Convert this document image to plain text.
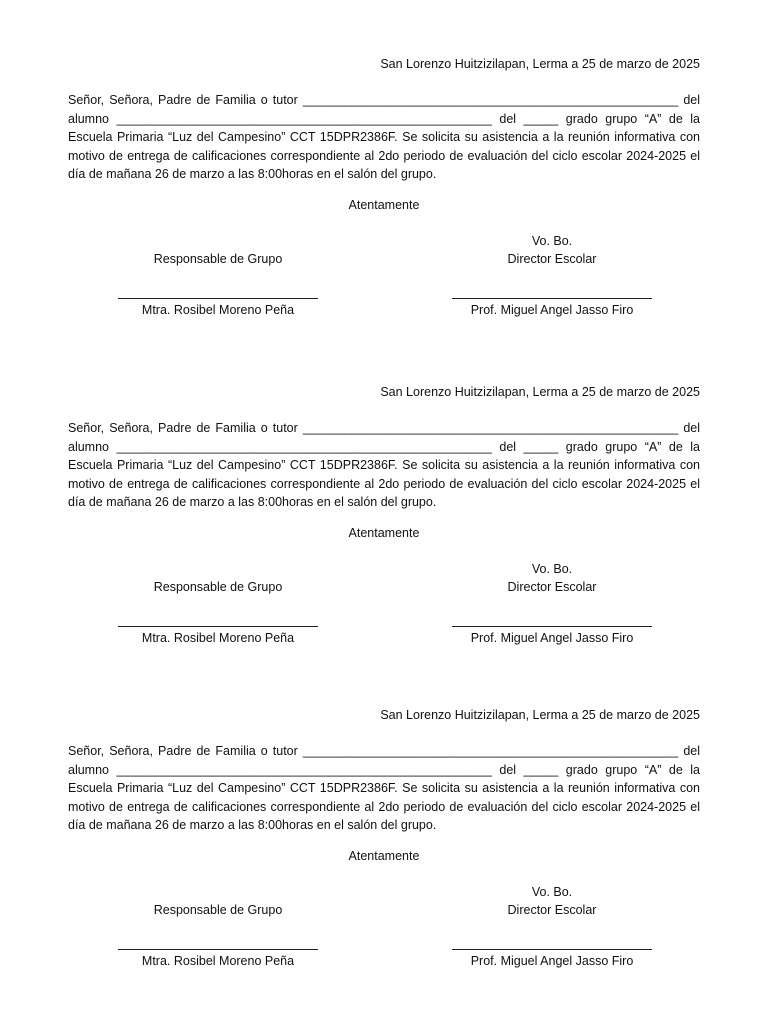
San Lorenzo Huitzizilapan, Lerma a 25 de marzo de 2025

Señor, Señora, Padre de Familia o tutor ______________________________________________________ del alumno ______________________________________________________ del _____ grado grupo “A” de la Escuela Primaria “Luz del Campesino” CCT 15DPR2386F. Se solicita su asistencia a la reunión informativa con motivo de entrega de calificaciones correspondiente al 2do periodo de evaluación del ciclo escolar 2024-2025 el día de mañana 26 de marzo a las 8:00horas en el salón del grupo.

Atentamente
Responsable de Grupo
Mtra. Rosibel Moreno Peña
Vo. Bo.
Director Escolar
Prof. Miguel Angel Jasso Firo
San Lorenzo Huitzizilapan, Lerma a 25 de marzo de 2025

Señor, Señora, Padre de Familia o tutor ______________________________________________________ del alumno ______________________________________________________ del _____ grado grupo “A” de la Escuela Primaria “Luz del Campesino” CCT 15DPR2386F. Se solicita su asistencia a la reunión informativa con motivo de entrega de calificaciones correspondiente al 2do periodo de evaluación del ciclo escolar 2024-2025 el día de mañana 26 de marzo a las 8:00horas en el salón del grupo.

Atentamente
Responsable de Grupo
Mtra. Rosibel Moreno Peña
Vo. Bo.
Director Escolar
Prof. Miguel Angel Jasso Firo
San Lorenzo Huitzizilapan, Lerma a 25 de marzo de 2025

Señor, Señora, Padre de Familia o tutor ______________________________________________________ del alumno ______________________________________________________ del _____ grado grupo “A” de la Escuela Primaria “Luz del Campesino” CCT 15DPR2386F. Se solicita su asistencia a la reunión informativa con motivo de entrega de calificaciones correspondiente al 2do periodo de evaluación del ciclo escolar 2024-2025 el día de mañana 26 de marzo a las 8:00horas en el salón del grupo.

Atentamente
Responsable de Grupo
Mtra. Rosibel Moreno Peña
Vo. Bo.
Director Escolar
Prof. Miguel Angel Jasso Firo
